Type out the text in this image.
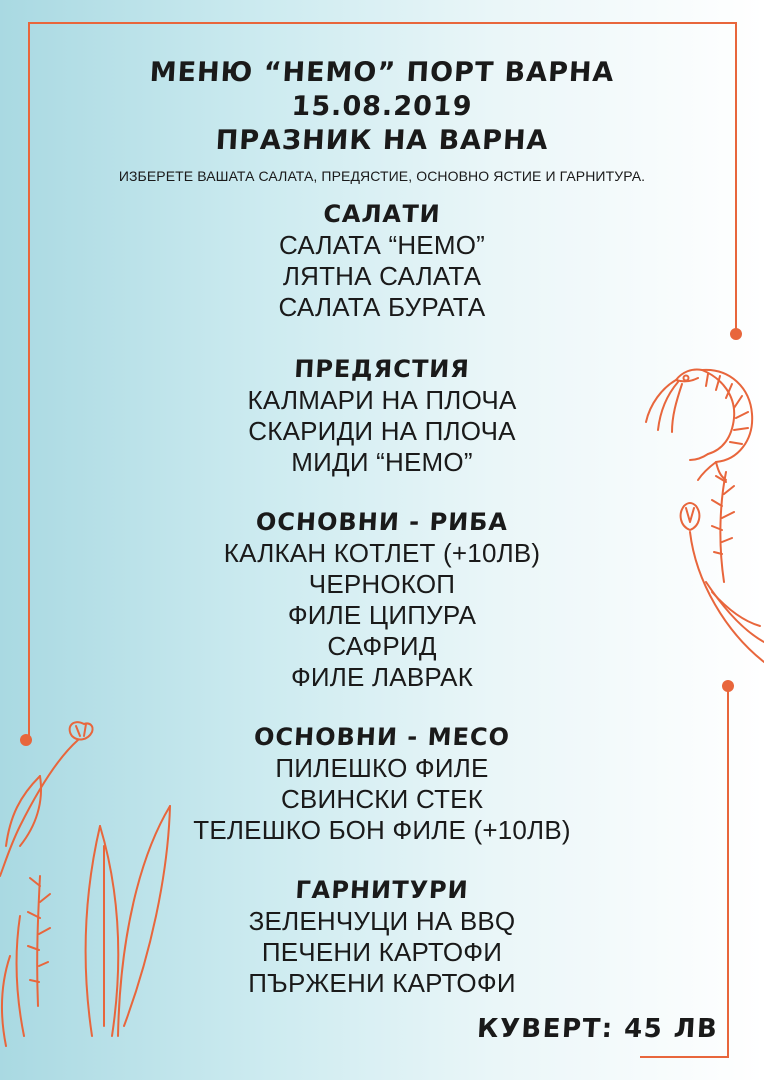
МЕНЮ “НЕМО” ПОРТ ВАРНА
15.08.2019
ПРАЗНИК НА ВАРНА
ИЗБЕРЕТЕ ВАШАТА САЛАТА, ПРЕДЯСТИЕ, ОСНОВНО ЯСТИЕ И ГАРНИТУРА.
САЛАТИ
САЛАТА “НЕМО”
ЛЯТНА САЛАТА
САЛАТА БУРАТА
ПРЕДЯСТИЯ
КАЛМАРИ НА ПЛОЧА
СКАРИДИ НА ПЛОЧА
МИДИ “НЕМО”
ОСНОВНИ - РИБА
КАЛКАН КОТЛЕТ (+10ЛВ)
ЧЕРНОКОП
ФИЛЕ ЦИПУРА
САФРИД
ФИЛЕ ЛАВРАК
ОСНОВНИ - МЕСО
ПИЛЕШКО ФИЛЕ
СВИНСКИ СТЕК
ТЕЛЕШКО БОН ФИЛЕ (+10ЛВ)
ГАРНИТУРИ
ЗЕЛЕНЧУЦИ НА BBQ
ПЕЧЕНИ КАРТОФИ
ПЪРЖЕНИ КАРТОФИ
КУВЕРТ: 45 ЛВ
